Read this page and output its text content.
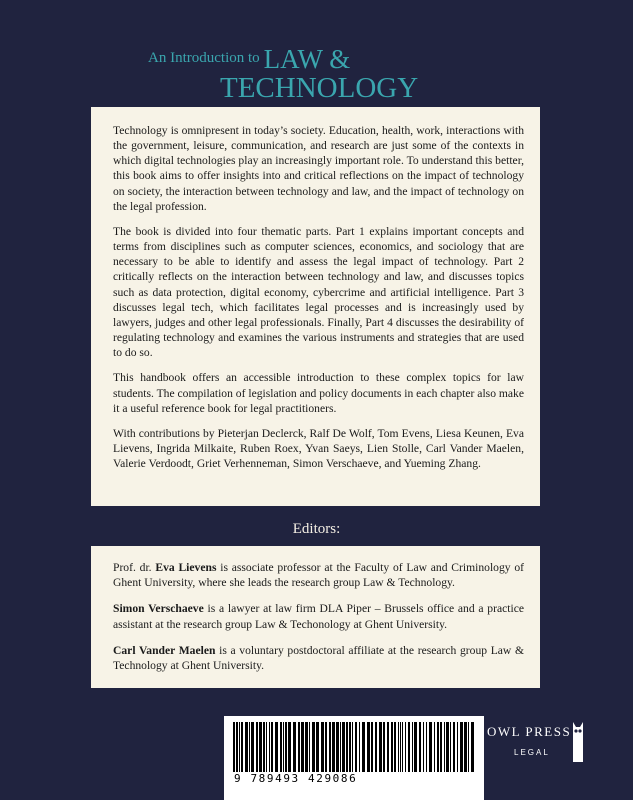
An Introduction to LAW &
TECHNOLOGY

Technology is omnipresent in today’s society. Education, health, work, interactions with the government, leisure, communication, and research are just some of the contexts in which digital technologies play an increasingly important role. To understand this better, this book aims to offer insights into and critical reflections on the impact of technology on society, the interaction between technology and law, and the impact of technology on the legal profession.

The book is divided into four thematic parts. Part 1 explains important concepts and terms from disciplines such as computer sciences, economics, and sociology that are necessary to be able to identify and assess the legal impact of technology. Part 2 critically reflects on the interaction between technology and law, and discusses topics such as data protection, digital economy, cybercrime and artificial intelligence. Part 3 discusses legal tech, which facilitates legal processes and is increasingly used by lawyers, judges and other legal professionals. Finally, Part 4 discusses the desirability of regulating technology and examines the various instruments and strategies that are used to do so.

This handbook offers an accessible introduction to these complex topics for law students. The compilation of legislation and policy documents in each chapter also make it a useful reference book for legal practitioners.

With contributions by Pieterjan Declerck, Ralf De Wolf, Tom Evens, Liesa Keunen, Eva Lievens, Ingrida Milkaite, Ruben Roex, Yvan Saeys, Lien Stolle, Carl Vander Maelen, Valerie Verdoodt, Griet Verhenneman, Simon Verschaeve, and Yueming Zhang.

Editors:

Prof. dr. Eva Lievens is associate professor at the Faculty of Law and Criminology of Ghent University, where she leads the research group Law & Technology.

Simon Verschaeve is a lawyer at law firm DLA Piper – Brussels office and a practice assistant at the research group Law & Techonology at Ghent University.

Carl Vander Maelen is a voluntary postdoctoral affiliate at the research group Law & Technology at Ghent University.

9 789493 429086
OWL PRESS
LEGAL
